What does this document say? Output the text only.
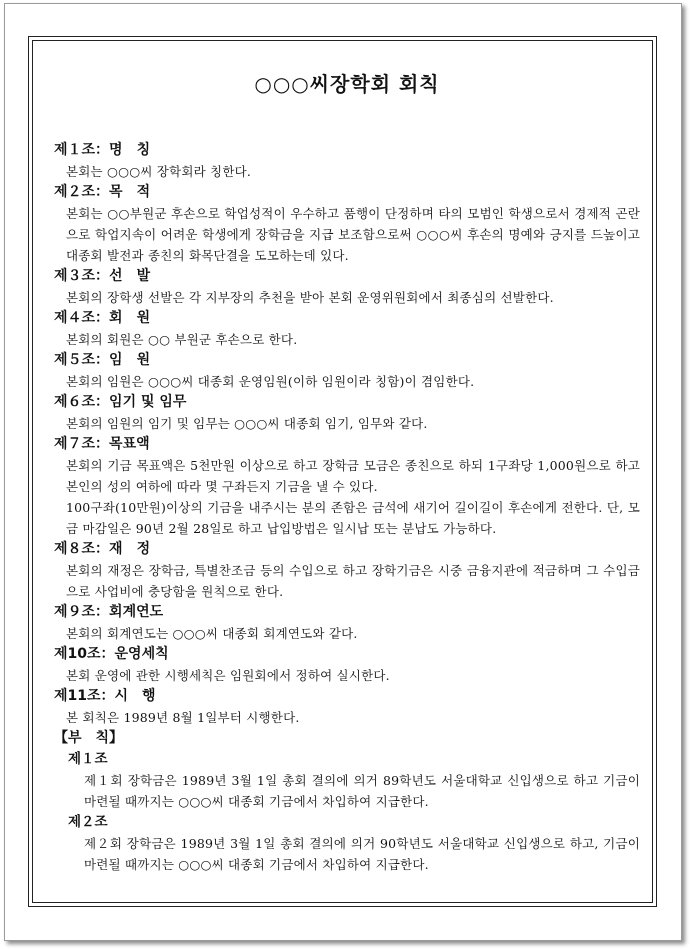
○○○씨장학회 회칙

제１조：명　칭

본회는 ○○○씨 장학회라 칭한다.

제２조：목　적

본회는 ○○부원군 후손으로 학업성적이 우수하고 품행이 단정하며 타의 모범인 학생으로서 경제적 곤란으로 학업지속이 어려운 학생에게 장학금을 지급 보조함으로써 ○○○씨 후손의 명예와 긍지를 드높이고 대종회 발전과 종친의 화목단결을 도모하는데 있다.

제３조：선　발

본회의 장학생 선발은 각 지부장의 추천을 받아 본회 운영위원회에서 최종심의 선발한다.

제４조：회　원

본회의 회원은 ○○ 부원군 후손으로 한다.

제５조：임　원

본회의 임원은 ○○○씨 대종회 운영임원(이하 임원이라 칭함)이 겸임한다.

제６조：임기 및 임무

본회의 임원의 임기 및 임무는 ○○○씨 대종회 임기, 임무와 같다.

제７조：목표액

본회의 기금 목표액은 5천만원 이상으로 하고 장학금 모금은 종친으로 하되 1구좌당 1,000원으로 하고 본인의 성의 여하에 따라 몇 구좌든지 기금을 낼 수 있다.

100구좌(10만원)이상의 기금을 내주시는 분의 존함은 금석에 새기어 길이길이 후손에게 전한다. 단, 모금 마감일은 90년 2월 28일로 하고 납입방법은 일시납 또는 분납도 가능하다.

제８조：재　정

본회의 재정은 장학금, 특별찬조금 등의 수입으로 하고 장학기금은 시중 금융지관에 적금하며 그 수입금으로 사업비에 충당함을 원칙으로 한다.

제９조：회계연도

본회의 회계연도는 ○○○씨 대종회 회계연도와 같다.

제10조：운영세칙

본회 운영에 관한 시행세칙은 임원회에서 정하여 실시한다.

제11조：시　행

본 회칙은 1989년 8월 1일부터 시행한다.

【부　칙】

제１조

제１회 장학금은 1989년 3월 1일 총회 결의에 의거 89학년도 서울대학교 신입생으로 하고 기금이 마련될 때까지는 ○○○씨 대종회 기금에서 차입하여 지급한다.

제２조

제２회 장학금은 1989년 3월 1일 총회 결의에 의거 90학년도 서울대학교 신입생으로 하고, 기금이 마련될 때까지는 ○○○씨 대종회 기금에서 차입하여 지급한다.
